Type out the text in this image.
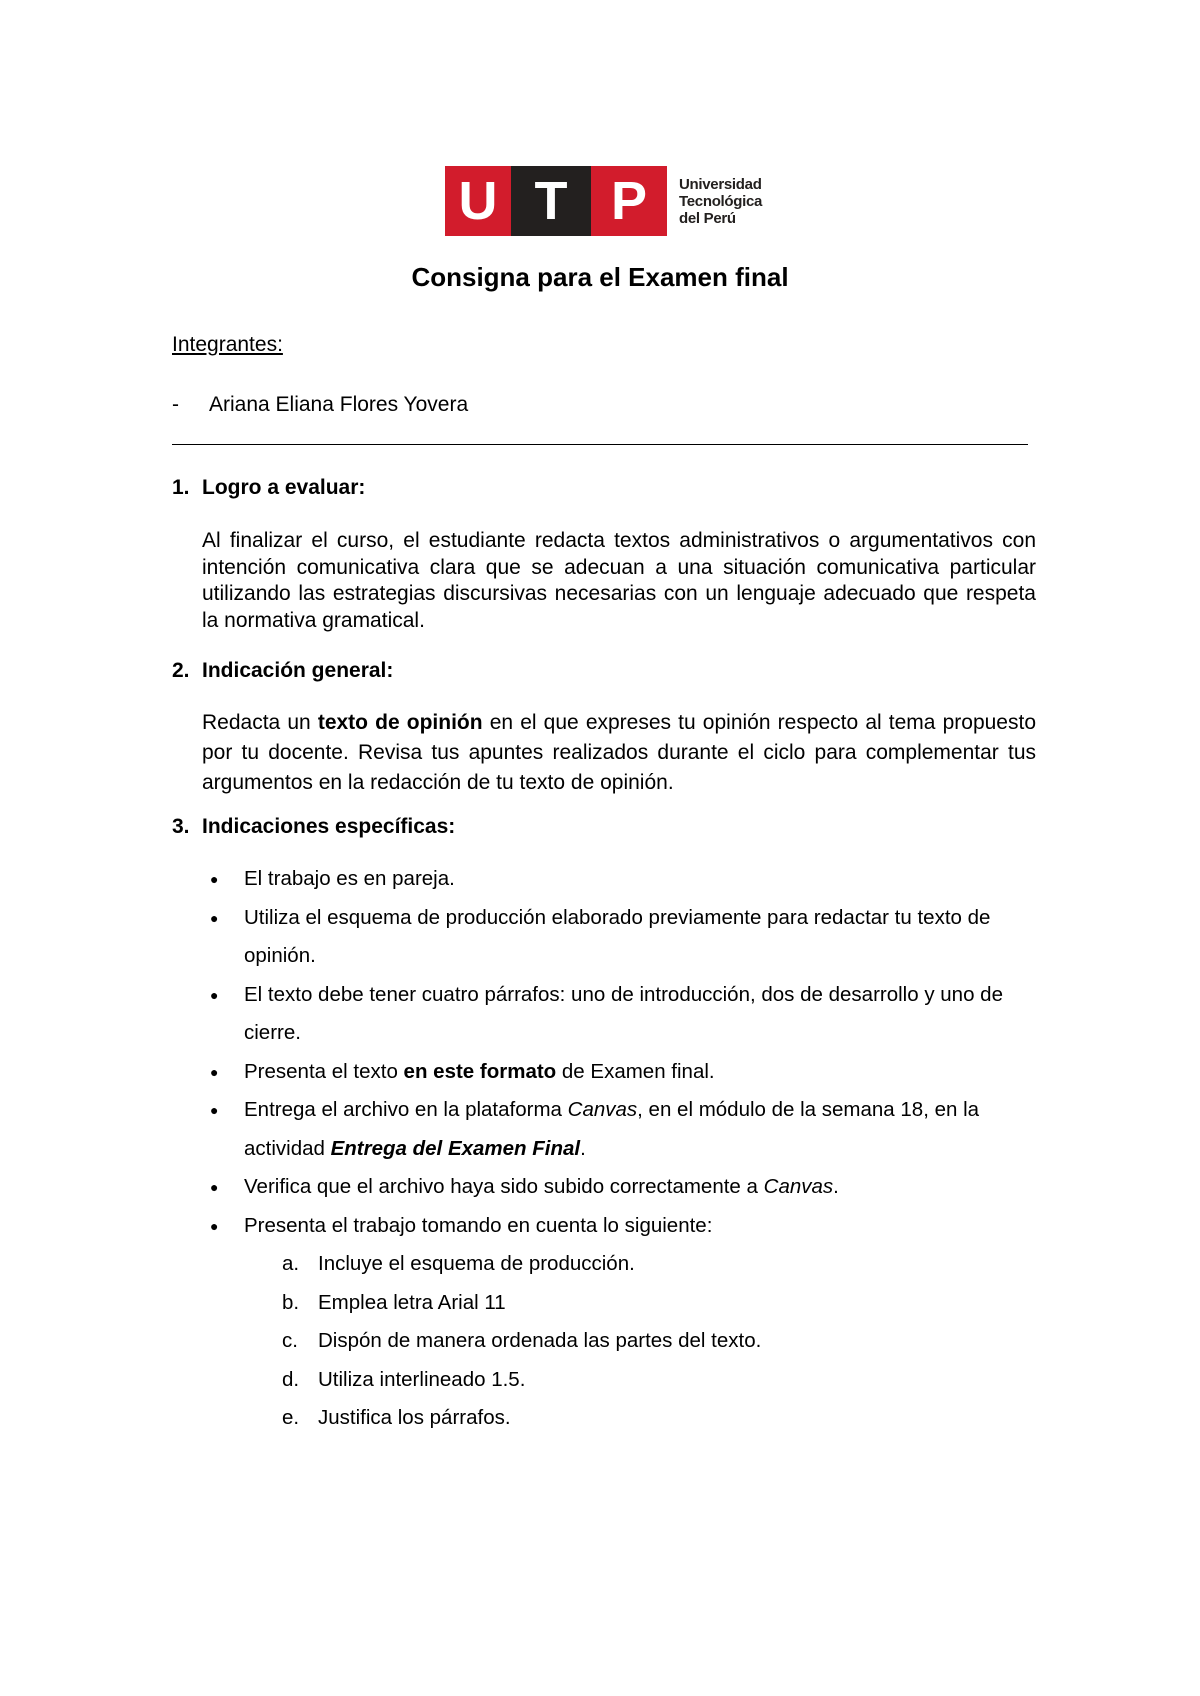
U T P	Universidad
Tecnológica
del Perú
Consigna para el Examen final
Integrantes:
- Ariana Eliana Flores Yovera
1. Logro a evaluar:
Al finalizar el curso, el estudiante redacta textos administrativos o argumentativos con intención comunicativa clara que se adecuan a una situación comunicativa particular utilizando las estrategias discursivas necesarias con un lenguaje adecuado que respeta la normativa gramatical.
2. Indicación general:
Redacta un texto de opinión en el que expreses tu opinión respecto al tema propuesto por tu docente. Revisa tus apuntes realizados durante el ciclo para complementar tus argumentos en la redacción de tu texto de opinión.
3. Indicaciones específicas:
● El trabajo es en pareja.
● Utiliza el esquema de producción elaborado previamente para redactar tu texto de opinión.
● El texto debe tener cuatro párrafos: uno de introducción, dos de desarrollo y uno de cierre.
● Presenta el texto en este formato de Examen final.
● Entrega el archivo en la plataforma Canvas, en el módulo de la semana 18, en la actividad Entrega del Examen Final.
● Verifica que el archivo haya sido subido correctamente a Canvas.
● Presenta el trabajo tomando en cuenta lo siguiente:
a. Incluye el esquema de producción.
b. Emplea letra Arial 11
c. Dispón de manera ordenada las partes del texto.
d. Utiliza interlineado 1.5.
e. Justifica los párrafos.
